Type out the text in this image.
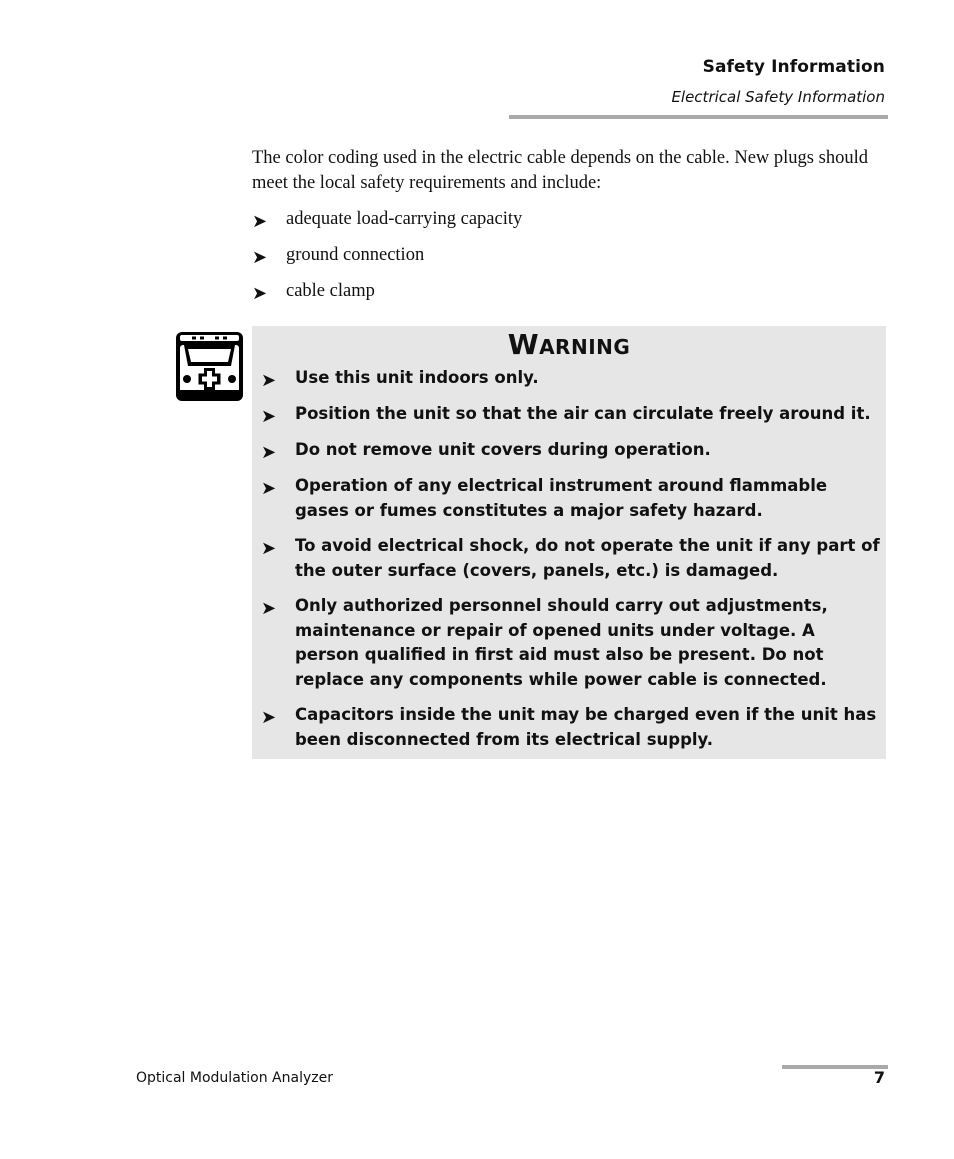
Safety Information
Electrical Safety Information

The color coding used in the electric cable depends on the cable. New plugs should meet the local safety requirements and include:

➤	adequate load-carrying capacity
➤	ground connection
➤	cable clamp
Warning
➤	Use this unit indoors only.
➤	Position the unit so that the air can circulate freely around it.
➤	Do not remove unit covers during operation.
➤	Operation of any electrical instrument around flammable gases or fumes constitutes a major safety hazard.
➤	To avoid electrical shock, do not operate the unit if any part of the outer surface (covers, panels, etc.) is damaged.
➤	Only authorized personnel should carry out adjustments, maintenance or repair of opened units under voltage. A person qualified in first aid must also be present. Do not replace any components while power cable is connected.
➤	Capacitors inside the unit may be charged even if the unit has been disconnected from its electrical supply.
Optical Modulation Analyzer	7
